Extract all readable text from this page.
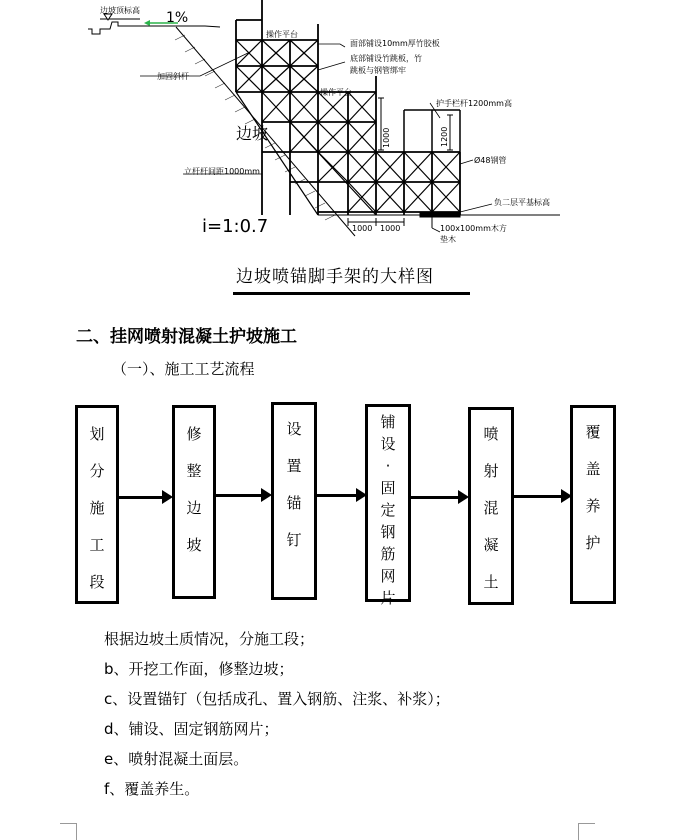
边坡顶标高
操作平台
操作平台
面部铺设10mm厚竹胶板
底部铺设竹跳板，竹
跳板与钢管绑牢
加固斜杆
立杆杆间距1000mm
护手栏杆1200mm高
Ø48钢管
负二层平基标高
1000 1000	100x100mm木方
垫木
1000	1200
1%
边坡
i=1:0.7
边坡喷锚脚手架的大样图
二、挂网喷射混凝土护坡施工
（一）、施工工艺流程
划
分
施
工
段
修
整
边
坡
设
置
锚
钉
铺
设
·
固
定
钢
筋
网
片
喷
射
混
凝
土
覆
盖
养
护
根据边坡土质情况，分施工段；
b、开挖工作面，修整边坡；
c、设置锚钉（包括成孔、置入钢筋、注浆、补浆）；
d、铺设、固定钢筋网片；
e、喷射混凝土面层。
f、覆盖养生。
